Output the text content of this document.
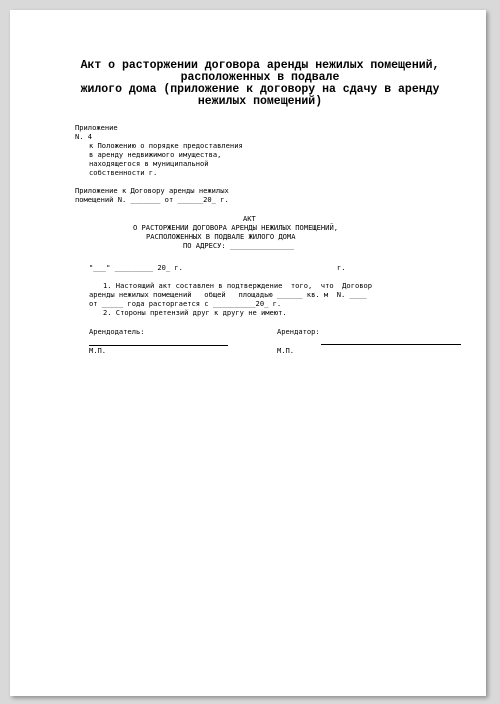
Акт о расторжении договора аренды нежилых помещений,
расположенных в подвале
жилого дома (приложение к договору на сдачу в аренду
нежилых помещений)
Приложение
N. 4
к Положению о порядке предоставления
в аренду недвижимого имущества,
находящегося в муниципальной
собственности г.
Приложение к Договору аренды нежилых
помещений N. _______ от ______20_ г.
АКТ
О РАСТОРЖЕНИИ ДОГОВОРА АРЕНДЫ НЕЖИЛЫХ ПОМЕЩЕНИЙ,
РАСПОЛОЖЕННЫХ В ПОДВАЛЕ ЖИЛОГО ДОМА
ПО АДРЕСУ: _______________
"___" _________ 20_ г.	г.
1. Настоящий акт составлен в подтверждение  того,  что  Договор
аренды нежилых помещений   общей   площадью ______ кв. м  N. ____
от _____ года расторгается с __________20_ г.
2. Стороны претензий друг к другу не имеют.
Арендодатель:	Арендатор:
М.П.	М.П.
